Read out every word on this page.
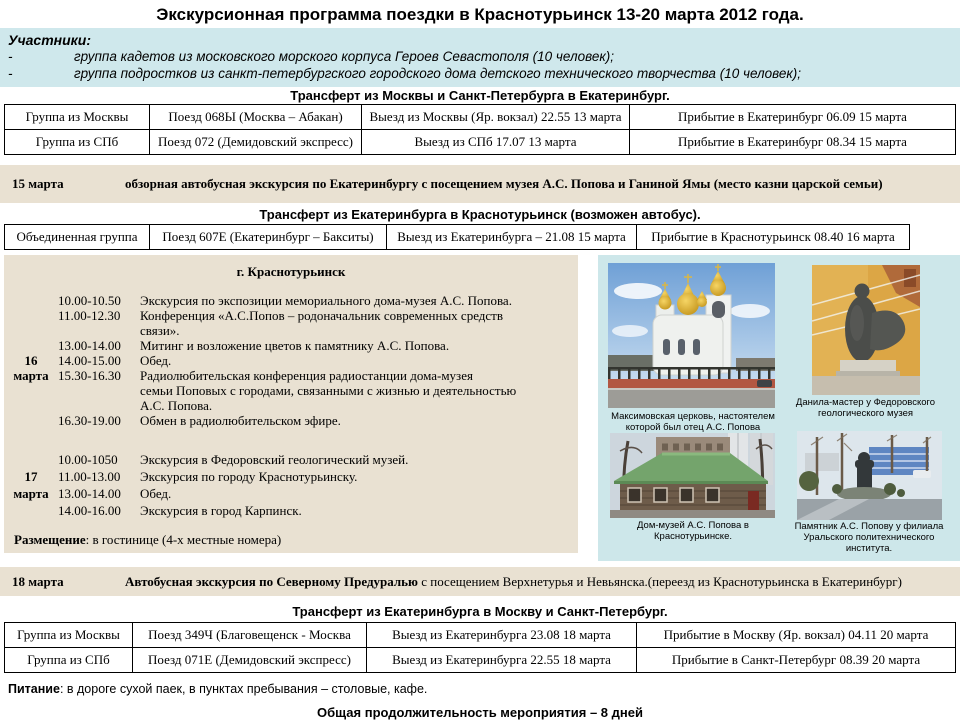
Экскурсионная программа поездки в Краснотурьинск 13-20 марта 2012 года.
Участники:
-	группа кадетов из московского морского корпуса Героев Севастополя (10 человек);
-	группа подростков из санкт-петербургского городского дома детского технического творчества (10 человек);
Трансферт из Москвы и Санкт-Петербурга в Екатеринбург.
Группа из Москвы	Поезд 068Ы (Москва – Абакан)	Выезд из Москвы (Яр. вокзал) 22.55 13 марта	Прибытие в Екатеринбург 06.09 15 марта
Группа из СПб	Поезд 072 (Демидовский экспресс)	Выезд из СПб 17.07 13 марта	Прибытие в Екатеринбург 08.34 15 марта
15 марта	обзорная автобусная экскурсия по Екатеринбургу с посещением музея А.С. Попова и Ганиной Ямы (место казни царской семьи)
Трансферт из Екатеринбурга в Краснотурьинск (возможен автобус).
Объединенная группа	Поезд 607Е (Екатеринбург – Бакситы)	Выезд из Екатеринбурга – 21.08 15 марта	Прибытие в Краснотурьинск 08.40 16 марта
г. Краснотурьинск
10.00-10.50	Экскурсия по экспозиции мемориального дома-музея А.С. Попова.
11.00-12.30	Конференция «А.С.Попов – родоначальник современных средств
связи».
13.00-14.00	Митинг и возложение цветов к памятнику А.С. Попова.
16	14.00-15.00	Обед.
марта 15.30-16.30	Радиолюбительская конференция радиостанции дома-музея
семьи Поповых с городами, связанными с жизнью и деятельностью
А.С. Попова.
16.30-19.00	Обмен в радиолюбительском эфире.
10.00-1050	Экскурсия в Федоровский геологический музей.
17	11.00-13.00	Экскурсия по городу Краснотурьинску.
марта 13.00-14.00	Обед.
14.00-16.00	Экскурсия в город Карпинск.
Размещение: в гостинице (4-х местные номера)
Максимовская церковь, настоятелем которой был отец А.С. Попова
Данила-мастер у Федоровского геологического музея
Дом-музей А.С. Попова в Краснотурьинске.
Памятник А.С. Попову у филиала Уральского политехнического института.
18 марта	Автобусная экскурсия по Северному Предуралью с посещением Верхнетурья и Невьянска.(переезд из Краснотурьинска в Екатеринбург)
Трансферт из Екатеринбурга в Москву и Санкт-Петербург.
Группа из Москвы	Поезд 349Ч (Благовещенск - Москва	Выезд из Екатеринбурга 23.08 18 марта	Прибытие в Москву (Яр. вокзал) 04.11 20 марта
Группа из СПб	Поезд 071Е (Демидовский экспресс)	Выезд из Екатеринбурга 22.55 18 марта	Прибытие в Санкт-Петербург 08.39 20 марта
Питание: в дороге сухой паек, в пунктах пребывания – столовые, кафе.
Общая продолжительность мероприятия – 8 дней
